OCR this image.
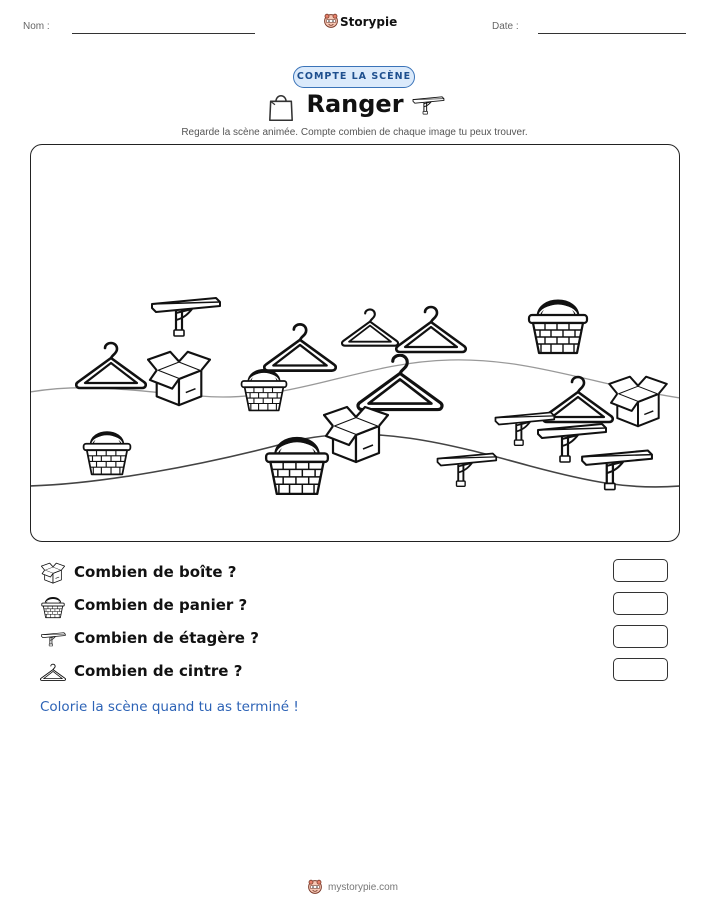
Nom :	Storypie	Date :
COMPTE LA SCÈNE
Ranger
Regarde la scène animée. Compte combien de chaque image tu peux trouver.
Combien de boîte ?
Combien de panier ?
Combien de étagère ?
Combien de cintre ?
Colorie la scène quand tu as terminé !
mystorypie.com
